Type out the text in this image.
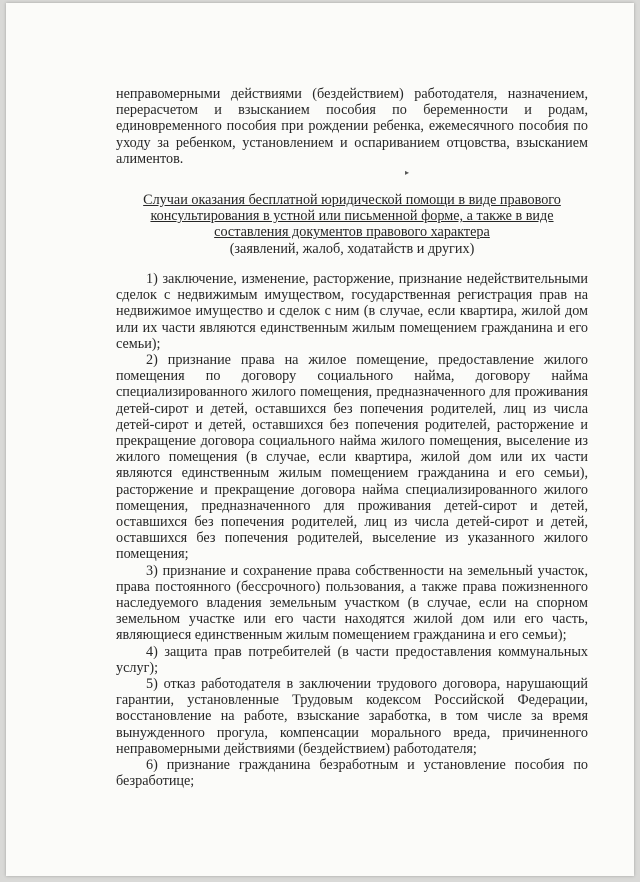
неправомерными действиями (бездействием) работодателя, назначением, перерасчетом и взысканием пособия по беременности и родам, единовременного пособия при рождении ребенка, ежемесячного пособия по уходу за ребенком, установлением и оспариванием отцовства, взысканием алиментов.

▸

Случаи оказания бесплатной юридической помощи в виде правового консультирования в устной или письменной форме, а также в виде составления документов правового характера

(заявлений, жалоб, ходатайств и других)

1) заключение, изменение, расторжение, признание недействительными сделок с недвижимым имуществом, государственная регистрация прав на недвижимое имущество и сделок с ним (в случае, если квартира, жилой дом или их части являются единственным жилым помещением гражданина и его семьи);

2) признание права на жилое помещение, предоставление жилого помещения по договору социального найма, договору найма специализированного жилого помещения, предназначенного для проживания детей-сирот и детей, оставшихся без попечения родителей, лиц из числа детей-сирот и детей, оставшихся без попечения родителей, расторжение и прекращение договора социального найма жилого помещения, выселение из жилого помещения (в случае, если квартира, жилой дом или их части являются единственным жилым помещением гражданина и его семьи), расторжение и прекращение договора найма специализированного жилого помещения, предназначенного для проживания детей-сирот и детей, оставшихся без попечения родителей, лиц из числа детей-сирот и детей, оставшихся без попечения родителей, выселение из указанного жилого помещения;

3) признание и сохранение права собственности на земельный участок, права постоянного (бессрочного) пользования, а также права пожизненного наследуемого владения земельным участком (в случае, если на спорном земельном участке или его части находятся жилой дом или его часть, являющиеся единственным жилым помещением гражданина и его семьи);

4) защита прав потребителей (в части предоставления коммунальных услуг);

5) отказ работодателя в заключении трудового договора, нарушающий гарантии, установленные Трудовым кодексом Российской Федерации, восстановление на работе, взыскание заработка, в том числе за время вынужденного прогула, компенсации морального вреда, причиненного неправомерными действиями (бездействием) работодателя;

6) признание гражданина безработным и установление пособия по безработице;
